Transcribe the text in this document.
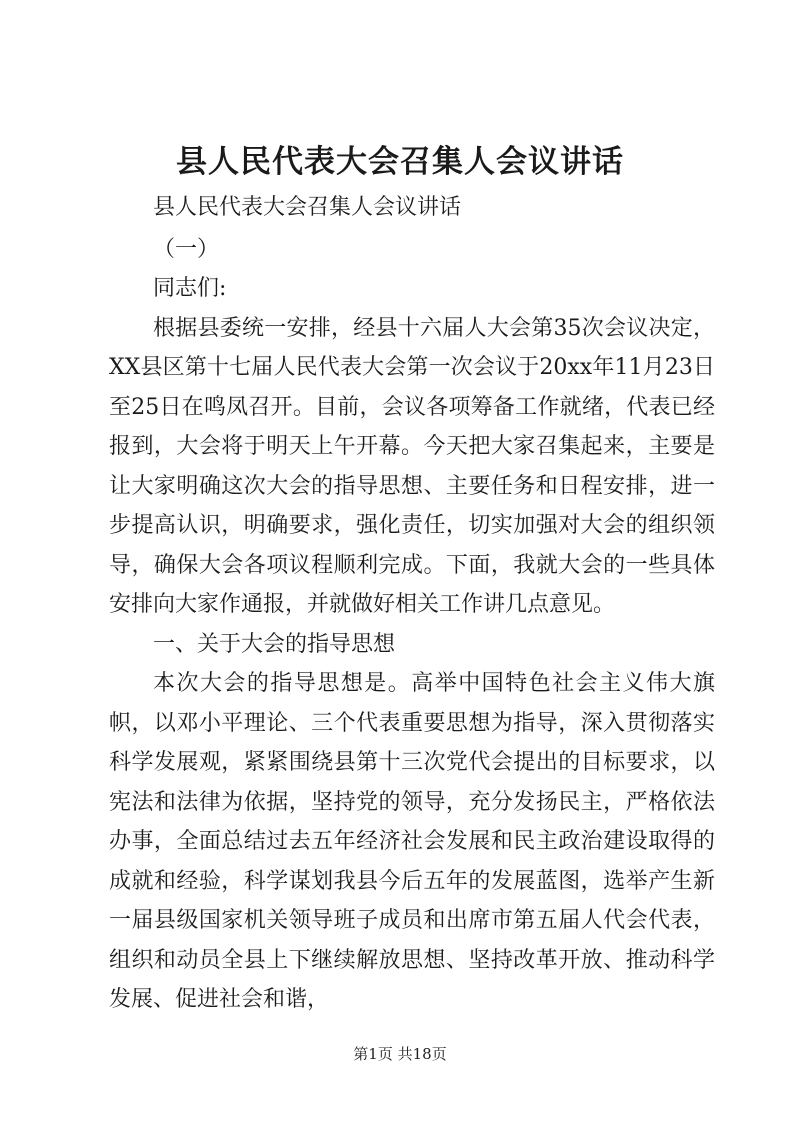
县人民代表大会召集人会议讲话

县人民代表大会召集人会议讲话

（一）

同志们:

根据县委统一安排，经县十六届人大会第35次会议决定，XX县区第十七届人民代表大会第一次会议于20xx年11月23日至25日在鸣凤召开。目前，会议各项筹备工作就绪，代表已经报到，大会将于明天上午开幕。今天把大家召集起来，主要是让大家明确这次大会的指导思想、主要任务和日程安排，进一步提高认识，明确要求，强化责任，切实加强对大会的组织领导，确保大会各项议程顺利完成。下面，我就大会的一些具体安排向大家作通报，并就做好相关工作讲几点意见。

一、关于大会的指导思想

本次大会的指导思想是。高举中国特色社会主义伟大旗帜，以邓小平理论、三个代表重要思想为指导，深入贯彻落实科学发展观，紧紧围绕县第十三次党代会提出的目标要求，以宪法和法律为依据，坚持党的领导，充分发扬民主，严格依法办事，全面总结过去五年经济社会发展和民主政治建设取得的成就和经验，科学谋划我县今后五年的发展蓝图，选举产生新一届县级国家机关领导班子成员和出席市第五届人代会代表，组织和动员全县上下继续解放思想、坚持改革开放、推动科学发展、促进社会和谐，

第1页 共18页
